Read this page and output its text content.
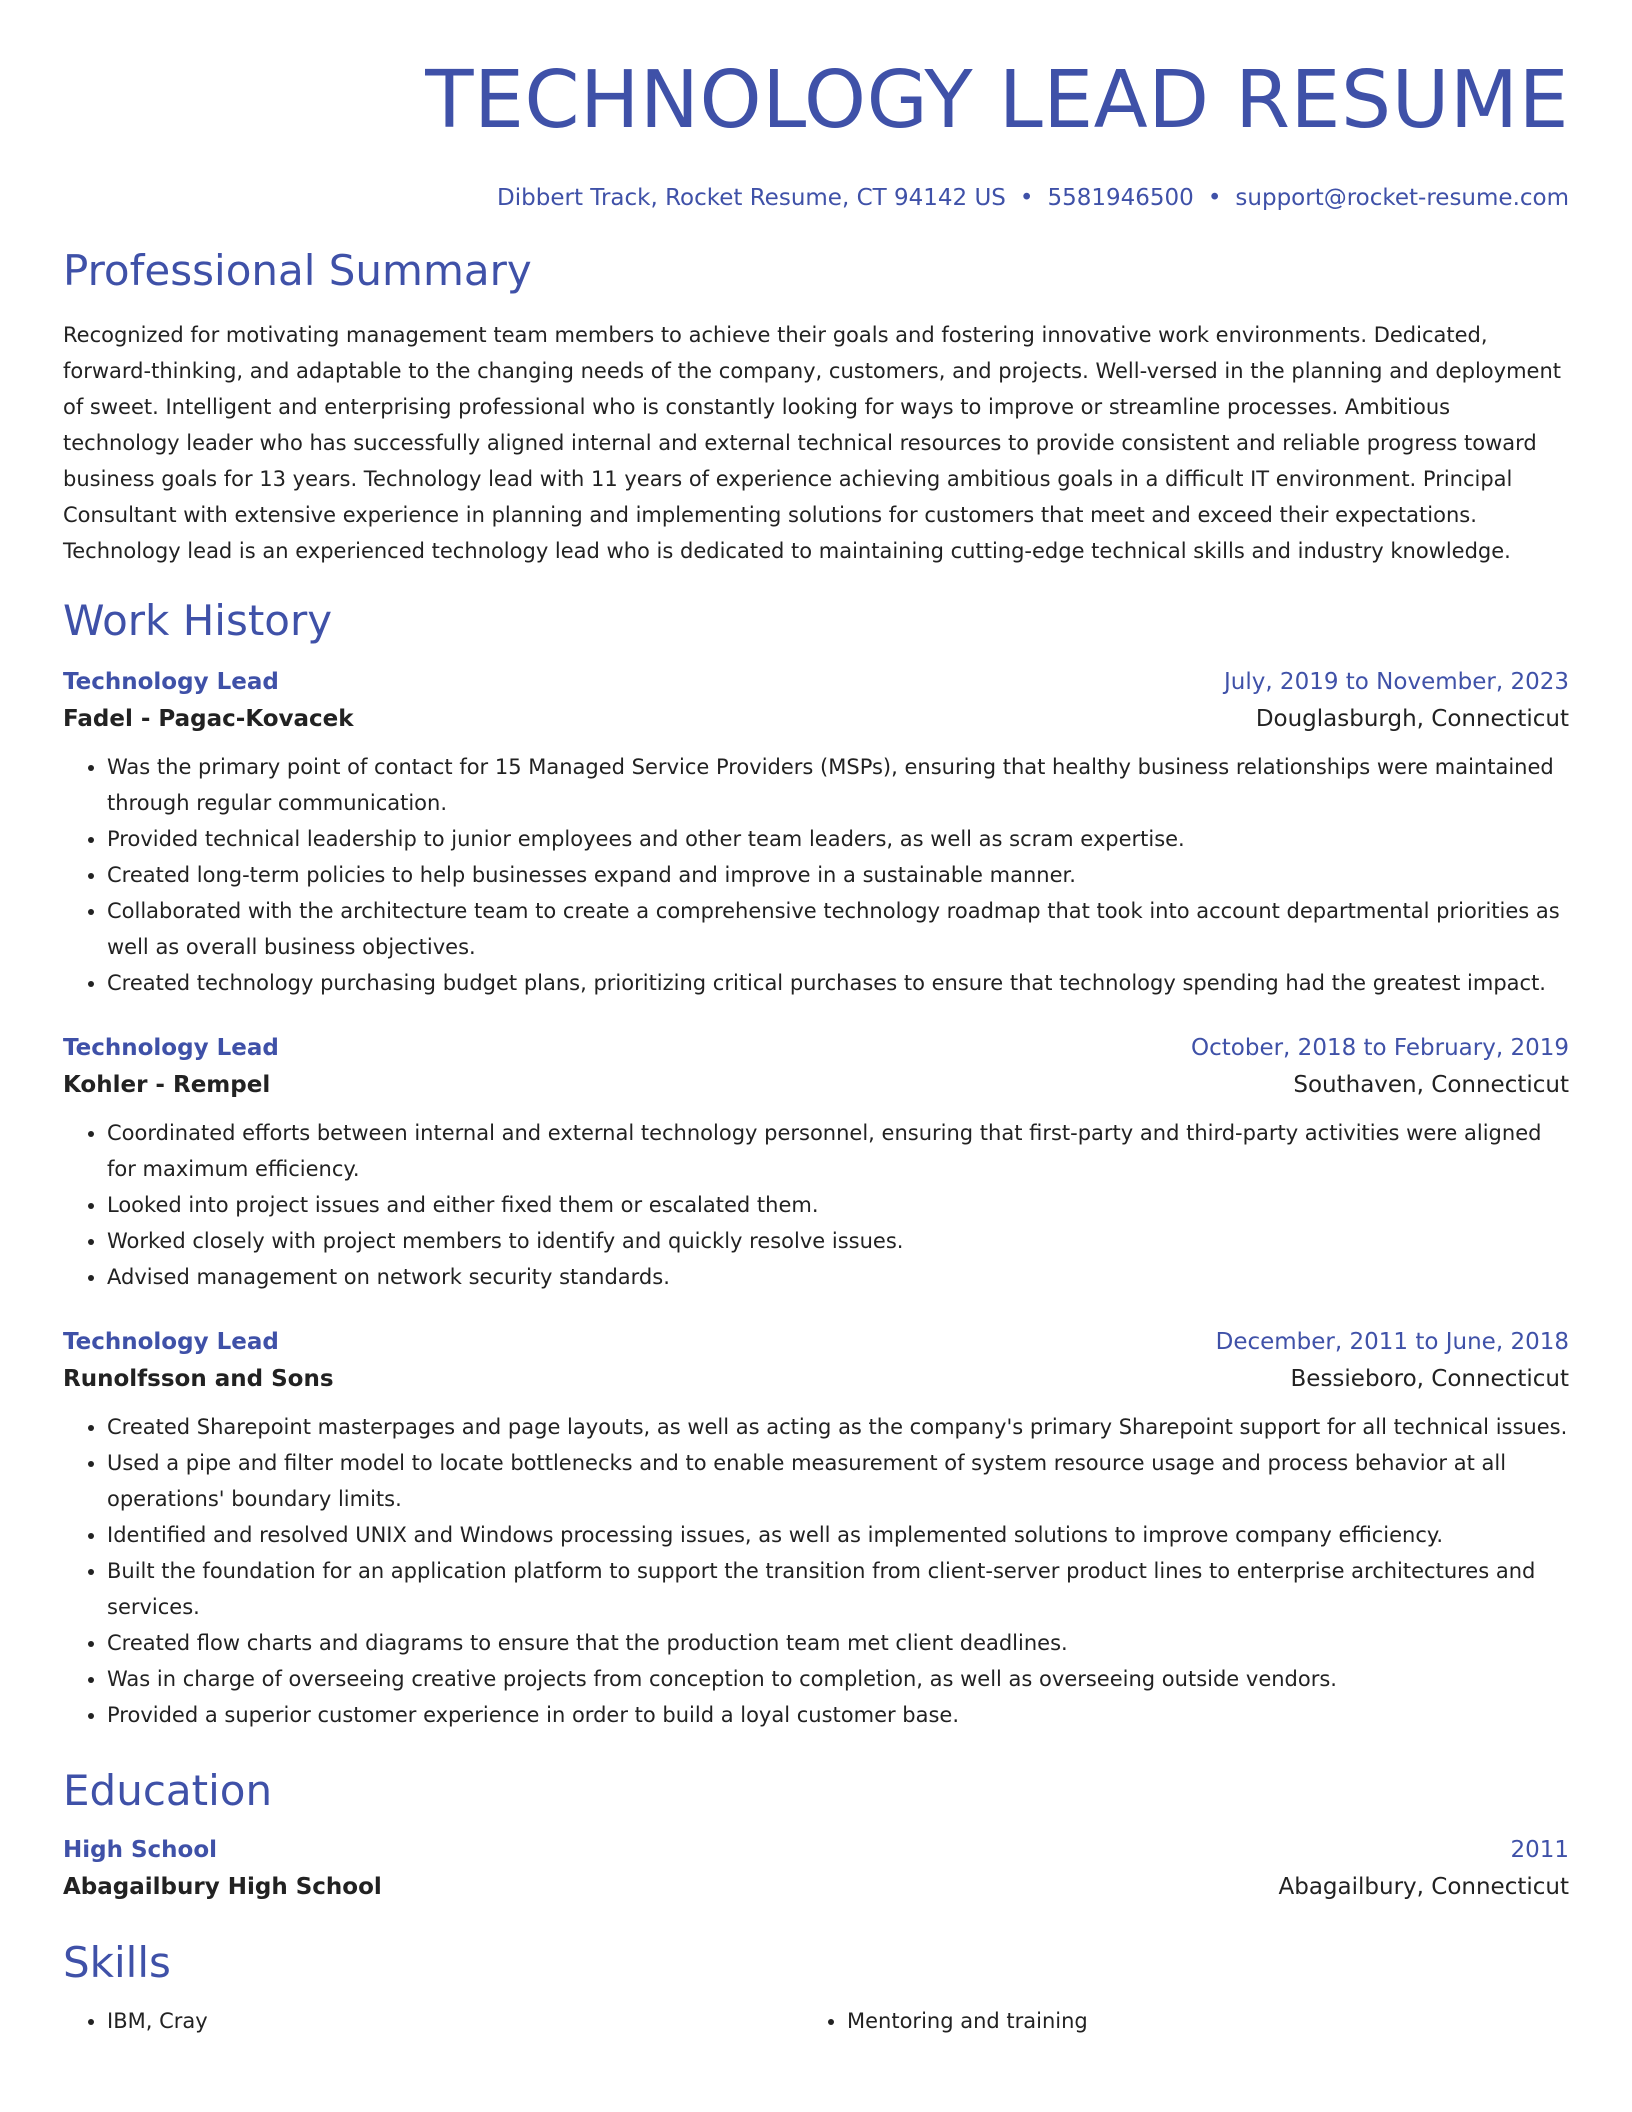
TECHNOLOGY LEAD RESUME
Dibbert Track, Rocket Resume, CT 94142 US • 5581946500 • support@rocket-resume.com
Professional Summary

Recognized for motivating management team members to achieve their goals and fostering innovative work environments. Dedicated, forward-thinking, and adaptable to the changing needs of the company, customers, and projects. Well-versed in the planning and deployment of sweet. Intelligent and enterprising professional who is constantly looking for ways to improve or streamline processes. Ambitious technology leader who has successfully aligned internal and external technical resources to provide consistent and reliable progress toward business goals for 13 years. Technology lead with 11 years of experience achieving ambitious goals in a difficult IT environment. Principal Consultant with extensive experience in planning and implementing solutions for customers that meet and exceed their expectations. Technology lead is an experienced technology lead who is dedicated to maintaining cutting-edge technical skills and industry knowledge.

Work History
Technology Lead	July, 2019 to November, 2023
Fadel - Pagac-Kovacek	Douglasburgh, Connecticut
• Was the primary point of contact for 15 Managed Service Providers (MSPs), ensuring that healthy business relationships were maintained through regular communication.
• Provided technical leadership to junior employees and other team leaders, as well as scram expertise.
• Created long-term policies to help businesses expand and improve in a sustainable manner.
• Collaborated with the architecture team to create a comprehensive technology roadmap that took into account departmental priorities as well as overall business objectives.
• Created technology purchasing budget plans, prioritizing critical purchases to ensure that technology spending had the greatest impact.
Technology Lead	October, 2018 to February, 2019
Kohler - Rempel	Southaven, Connecticut
• Coordinated efforts between internal and external technology personnel, ensuring that first-party and third-party activities were aligned for maximum efficiency.
• Looked into project issues and either fixed them or escalated them.
• Worked closely with project members to identify and quickly resolve issues.
• Advised management on network security standards.
Technology Lead	December, 2011 to June, 2018
Runolfsson and Sons	Bessieboro, Connecticut
• Created Sharepoint masterpages and page layouts, as well as acting as the company's primary Sharepoint support for all technical issues.
• Used a pipe and filter model to locate bottlenecks and to enable measurement of system resource usage and process behavior at all operations' boundary limits.
• Identified and resolved UNIX and Windows processing issues, as well as implemented solutions to improve company efficiency.
• Built the foundation for an application platform to support the transition from client-server product lines to enterprise architectures and services.
• Created flow charts and diagrams to ensure that the production team met client deadlines.
• Was in charge of overseeing creative projects from conception to completion, as well as overseeing outside vendors.
• Provided a superior customer experience in order to build a loyal customer base.
Education
High School	2011
Abagailbury High School	Abagailbury, Connecticut
Skills
• IBM, Cray
•	Mentoring and training
